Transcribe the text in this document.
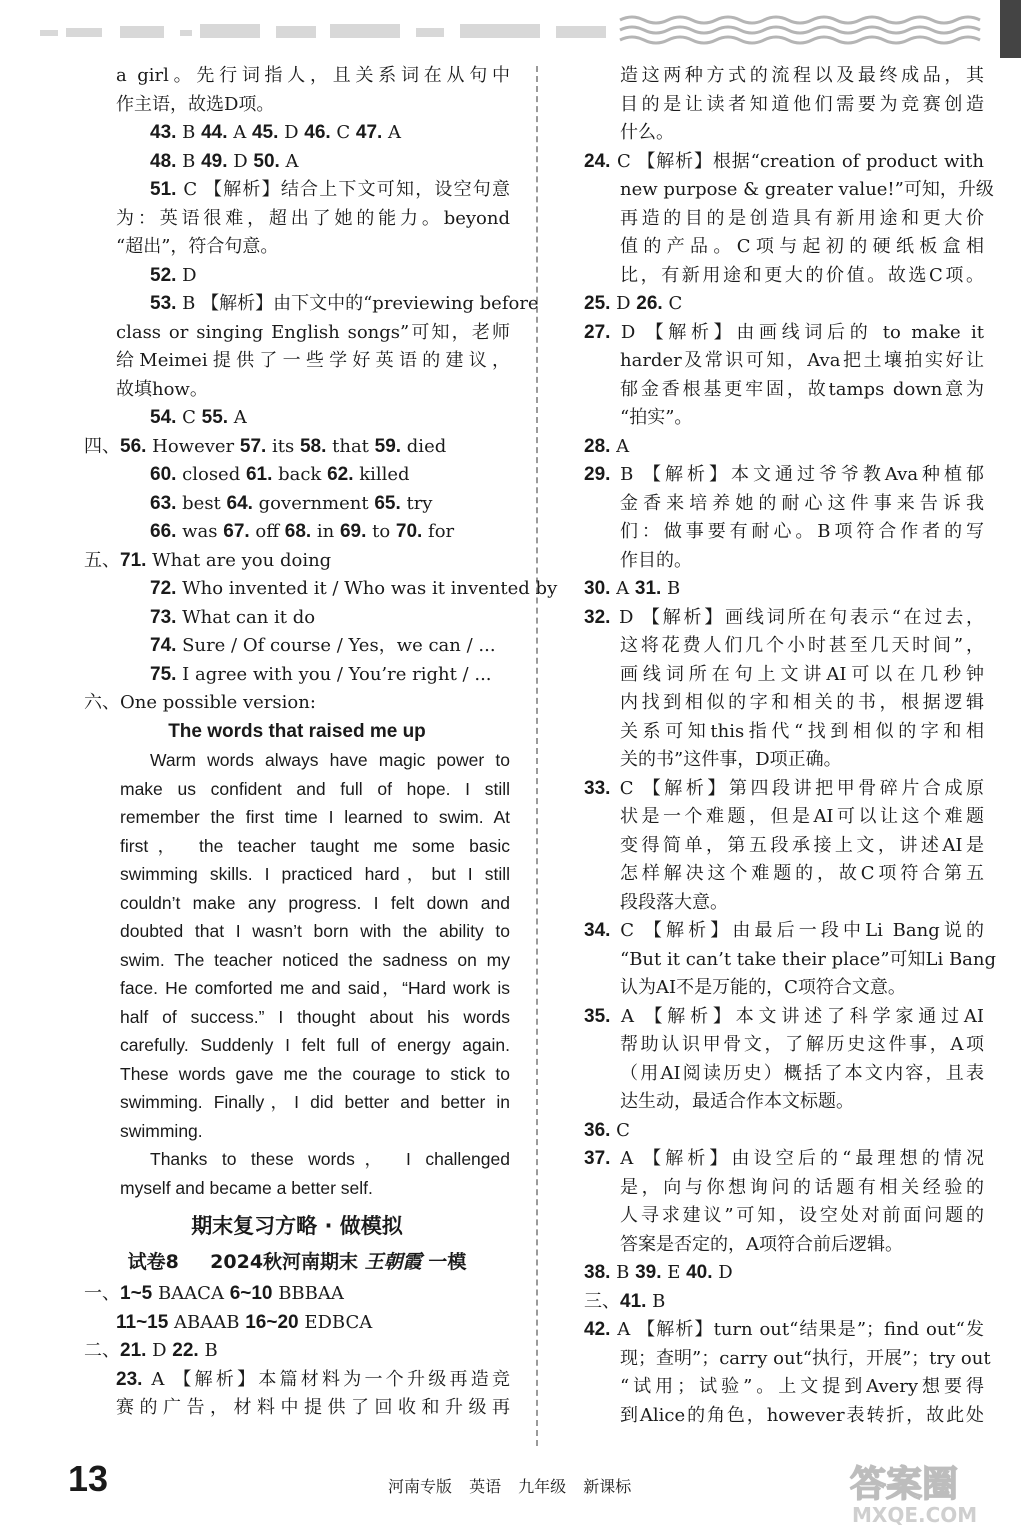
a girl。先行词指人，且关系词在从句中
作主语，故选D项。
43. B 44. A 45. D 46. C 47. A
48. B 49. D 50. A
51. C 【解析】结合上下文可知，设空句意
为：英语很难，超出了她的能力。beyond
“超出”，符合句意。
52. D
53. B 【解析】由下文中的“previewing before
class or singing English songs”可知，老师
给Meimei提供了一些学好英语的建议，
故填how。
54. C 55. A
四、56. However 57. its 58. that 59. died
60. closed 61. back 62. killed
63. best 64. government 65. try
66. was 67. off 68. in 69. to 70. for
五、71. What are you doing
72. Who invented it / Who was it invented by
73. What can it do
74. Sure / Of course / Yes，we can / ...
75. I agree with you / You’re right / ...
六、One possible version:
The words that raised me up
Warm words always have magic power to
make us confident and full of hope. I still
remember the first time I learned to swim. At
first， the teacher taught me some basic
swimming skills. I practiced hard，but I still
couldn’t make any progress. I felt down and
doubted that I wasn’t born with the ability to
swim. The teacher noticed the sadness on my
face. He comforted me and said，“Hard work is
half of success.” I thought about his words
carefully. Suddenly I felt full of energy again.
These words gave me the courage to stick to
swimming. Finally，I did better and better in
swimming.
Thanks to these words， I challenged
myself and became a better self.
期末复习方略 · 做模拟
试卷8 2024秋河南期末 王朝霞 一模
一、1~5 BAACA 6~10 BBBAA
11~15 ABAAB 16~20 EDBCA
二、21. D 22. B
23. A 【解析】本篇材料为一个升级再造竞
赛的广告，材料中提供了回收和升级再
造这两种方式的流程以及最终成品，其
目的是让读者知道他们需要为竞赛创造
什么。
24. C 【解析】根据“creation of product with
new purpose & greater value!”可知，升级
再造的目的是创造具有新用途和更大价
值的产品。C项与起初的硬纸板盒相
比，有新用途和更大的价值。故选C项。
25. D 26. C
27. D 【解析】由画线词后的 to make it
harder及常识可知，Ava把土壤拍实好让
郁金香根基更牢固，故tamps down意为
“拍实”。
28. A
29. B 【解析】本文通过爷爷教Ava种植郁
金香来培养她的耐心这件事来告诉我
们：做事要有耐心。B项符合作者的写
作目的。
30. A 31. B
32. D 【解析】画线词所在句表示“在过去，
这将花费人们几个小时甚至几天时间”，
画线词所在句上文讲AI可以在几秒钟
内找到相似的字和相关的书，根据逻辑
关系可知this指代“找到相似的字和相
关的书”这件事，D项正确。
33. C 【解析】第四段讲把甲骨碎片合成原
状是一个难题，但是AI可以让这个难题
变得简单，第五段承接上文，讲述AI是
怎样解决这个难题的，故C项符合第五
段段落大意。
34. C 【解析】由最后一段中Li Bang说的
“But it can’t take their place”可知Li Bang
认为AI不是万能的，C项符合文意。
35. A 【解析】本文讲述了科学家通过AI
帮助认识甲骨文，了解历史这件事，A项
（用AI阅读历史）概括了本文内容，且表
达生动，最适合作本文标题。
36. C
37. A 【解析】由设空后的“最理想的情况
是，向与你想询问的话题有相关经验的
人寻求建议”可知，设空处对前面问题的
答案是否定的，A项符合前后逻辑。
38. B 39. E 40. D
三、41. B
42. A 【解析】turn out“结果是”；find out“发
现；查明”；carry out“执行，开展”；try out
“试用；试验”。上文提到Avery想要得
到Alice的角色，however表转折，故此处
13	河南专版 英语 九年级 新课标	答案圈
MXQE.COM
